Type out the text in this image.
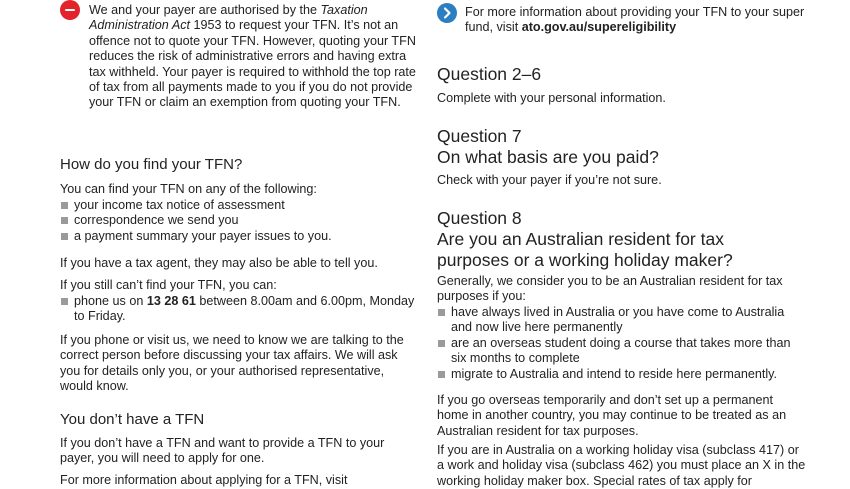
We and your payer are authorised by the Taxation Administration Act 1953 to request your TFN. It’s not an offence not to quote your TFN. However, quoting your TFN reduces the risk of administrative errors and having extra tax withheld. Your payer is required to withhold the top rate of tax from all payments made to you if you do not provide your TFN or claim an exemption from quoting your TFN.

How do you find your TFN?

You can find your TFN on any of the following:

your income tax notice of assessment
correspondence we send you
a payment summary your payer issues to you.

If you have a tax agent, they may also be able to tell you.

If you still can’t find your TFN, you can:

phone us on 13 28 61 between 8.00am and 6.00pm, Monday to Friday.

If you phone or visit us, we need to know we are talking to the correct person before discussing your tax affairs. We will ask you for details only you, or your authorised representative, would know.

You don’t have a TFN

If you don’t have a TFN and want to provide a TFN to your payer, you will need to apply for one.

For more information about applying for a TFN, visit

For more information about providing your TFN to your super fund, visit ato.gov.au/supereligibility

Question 2–6

Complete with your personal information.

Question 7
On what basis are you paid?

Check with your payer if you’re not sure.

Question 8
Are you an Australian resident for tax purposes or a working holiday maker?

Generally, we consider you to be an Australian resident for tax purposes if you:

have always lived in Australia or you have come to Australia and now live here permanently
are an overseas student doing a course that takes more than six months to complete
migrate to Australia and intend to reside here permanently.

If you go overseas temporarily and don’t set up a permanent home in another country, you may continue to be treated as an Australian resident for tax purposes.

If you are in Australia on a working holiday visa (subclass 417) or a work and holiday visa (subclass 462) you must place an X in the working holiday maker box. Special rates of tax apply for
